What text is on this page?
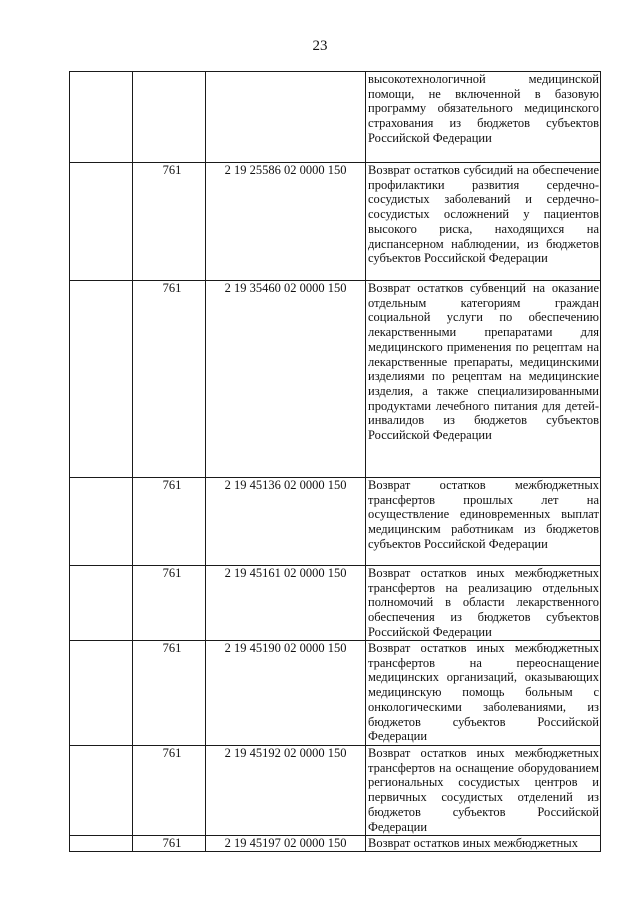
23

			высокотехнологичной медицинской помощи, не включенной в базовую программу обязательного медицинского страхования из бюджетов субъектов Российской Федерации

	761	2 19 25586 02 0000 150	Возврат остатков субсидий на обеспечение профилактики развития сердечно-сосудистых заболеваний и сердечно-сосудистых осложнений у пациентов высокого риска, находящихся на диспансерном наблюдении, из бюджетов субъектов Российской Федерации

	761	2 19 35460 02 0000 150	Возврат остатков субвенций на оказание отдельным категориям граждан социальной услуги по обеспечению лекарственными препаратами для медицинского применения по рецептам на лекарственные препараты, медицинскими изделиями по рецептам на медицинские изделия, а также специализированными продуктами лечебного питания для детей-инвалидов из бюджетов субъектов Российской Федерации

	761	2 19 45136 02 0000 150	Возврат остатков межбюджетных трансфертов прошлых лет на осуществление единовременных выплат медицинским работникам из бюджетов субъектов Российской Федерации

	761	2 19 45161 02 0000 150	Возврат остатков иных межбюджетных трансфертов на реализацию отдельных полномочий в области лекарственного обеспечения из бюджетов субъектов Российской Федерации

	761	2 19 45190 02 0000 150	Возврат остатков иных межбюджетных трансфертов на переоснащение медицинских организаций, оказывающих медицинскую помощь больным с онкологическими заболеваниями, из бюджетов субъектов Российской Федерации

	761	2 19 45192 02 0000 150	Возврат остатков иных межбюджетных трансфертов на оснащение оборудованием региональных сосудистых центров и первичных сосудистых отделений из бюджетов субъектов Российской Федерации

	761	2 19 45197 02 0000 150	Возврат остатков иных межбюджетных
